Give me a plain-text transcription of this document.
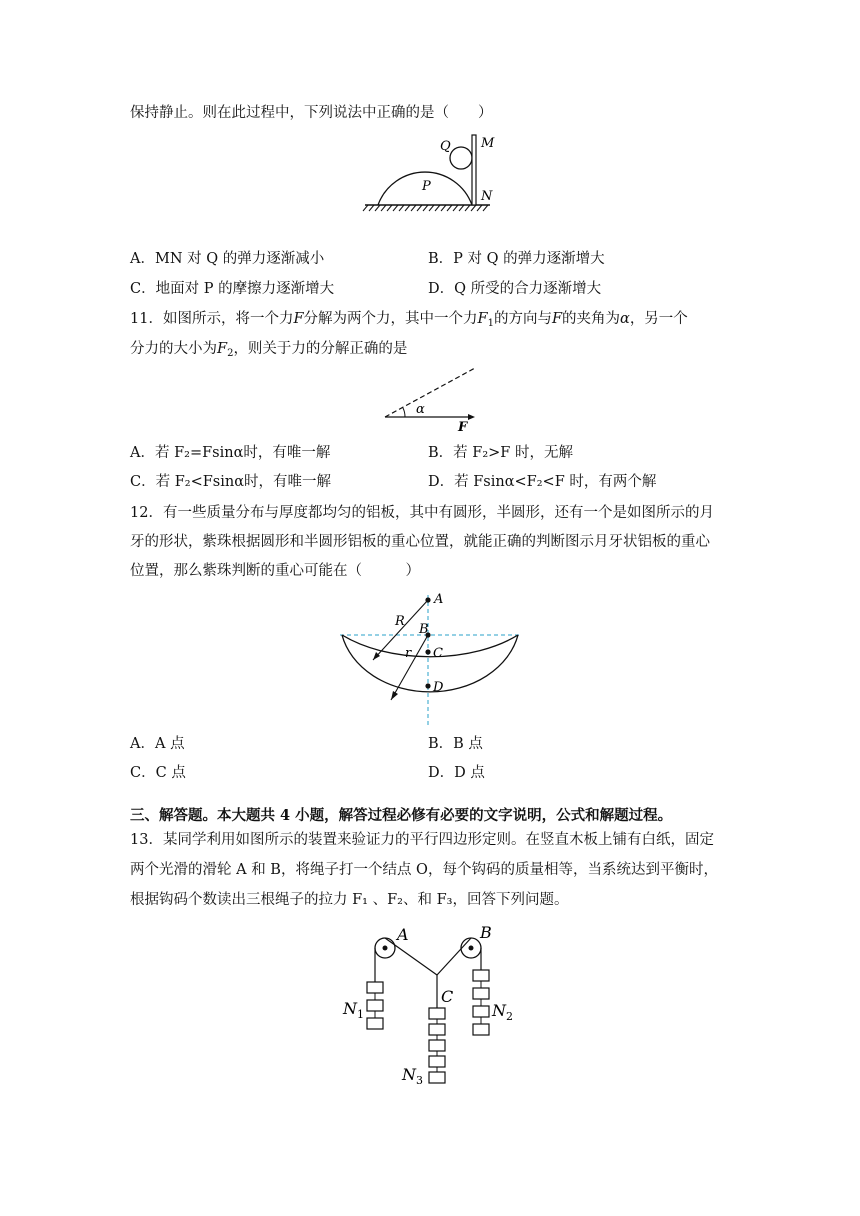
保持静止。则在此过程中，下列说法中正确的是（　　）
Q M
P
N
A．MN 对 Q 的弹力逐渐减小	B．P 对 Q 的弹力逐渐增大
C．地面对 P 的摩擦力逐渐增大	D．Q 所受的合力逐渐增大
11．如图所示，将一个力F分解为两个力，其中一个力$F_1$的方向与F的夹角为α，另一个
分力的大小为$F_2$，则关于力的分解正确的是
α
F
A．若 F₂=Fsinα时，有唯一解	B．若 F₂>F 时，无解
C．若 F₂<Fsinα时，有唯一解	D．若 Fsinα<F₂<F 时，有两个解
12．有一些质量分布与厚度都均匀的铝板，其中有圆形，半圆形，还有一个是如图所示的月
牙的形状，紫珠根据圆形和半圆形铝板的重心位置，就能正确的判断图示月牙状铝板的重心
位置，那么紫珠判断的重心可能在（　　　）
A
B
C
D
R
r
A．A 点	B．B 点
C．C 点	D．D 点
三、解答题。本大题共 4 小题，解答过程必修有必要的文字说明，公式和解题过程。
13．某同学利用如图所示的装置来验证力的平行四边形定则。在竖直木板上铺有白纸，固定
两个光滑的滑轮 A 和 B，将绳子打一个结点 O，每个钩码的质量相等，当系统达到平衡时，
根据钩码个数读出三根绳子的拉力 F₁ 、F₂、和 F₃，回答下列问题。
A	B
C
$N_1$	$N_2$
$N_3$
